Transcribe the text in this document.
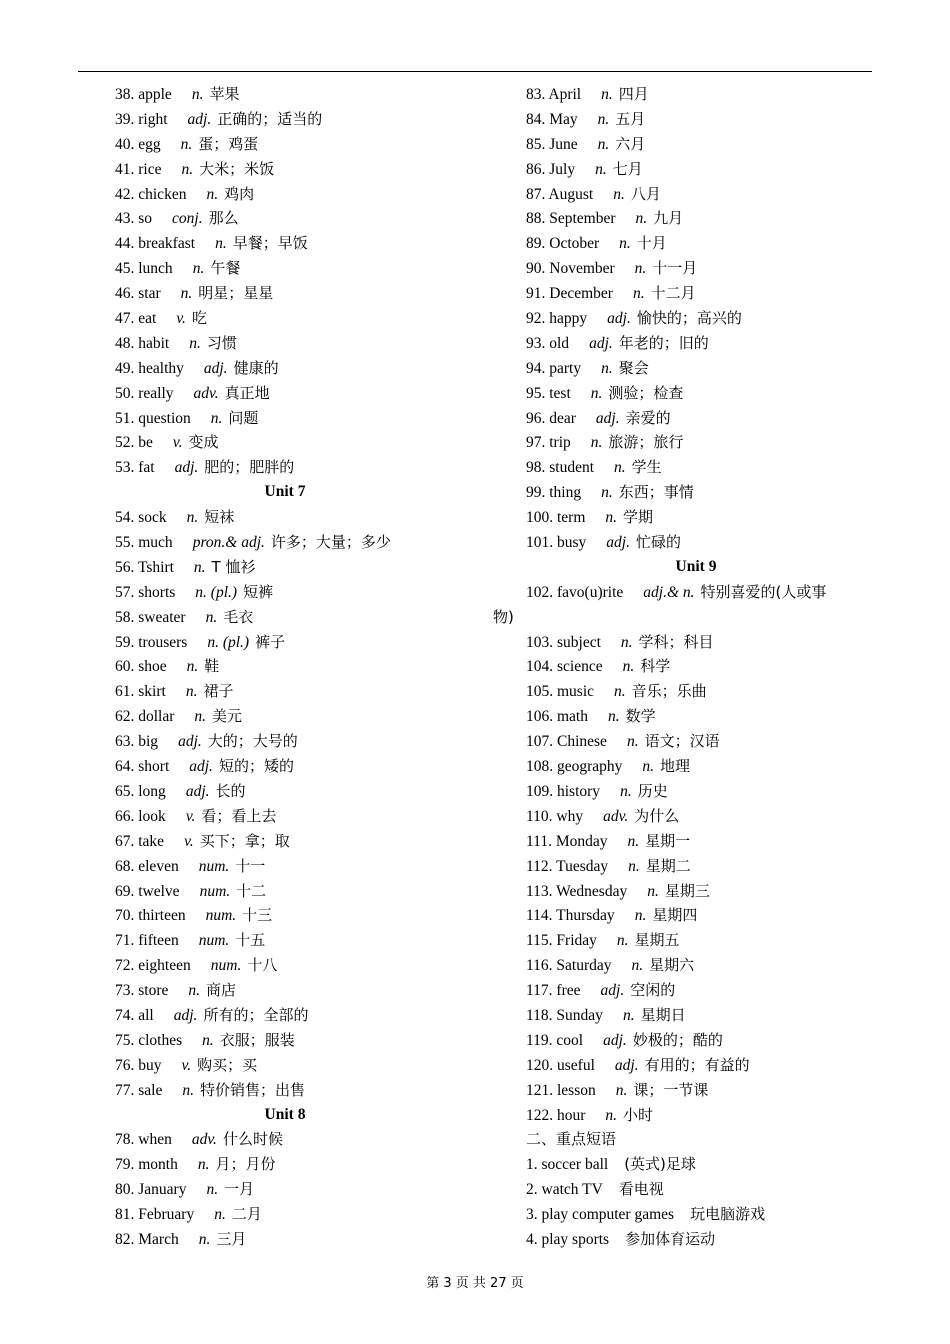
38. apple n. 苹果
39. right adj. 正确的；适当的
40. egg n. 蛋；鸡蛋
41. rice n. 大米；米饭
42. chicken n. 鸡肉
43. so conj. 那么
44. breakfast n. 早餐；早饭
45. lunch n. 午餐
46. star n. 明星；星星
47. eat v. 吃
48. habit n. 习惯
49. healthy adj. 健康的
50. really adv. 真正地
51. question n. 问题
52. be v. 变成
53. fat adj. 肥的；肥胖的
Unit 7
54. sock n. 短袜
55. much pron.& adj. 许多；大量；多少
56. Tshirt n. T 恤衫
57. shorts n. (pl.) 短裤
58. sweater n. 毛衣
59. trousers n. (pl.) 裤子
60. shoe n. 鞋
61. skirt n. 裙子
62. dollar n. 美元
63. big adj. 大的；大号的
64. short adj. 短的；矮的
65. long adj. 长的
66. look v. 看；看上去
67. take v. 买下；拿；取
68. eleven num. 十一
69. twelve num. 十二
70. thirteen num. 十三
71. fifteen num. 十五
72. eighteen num. 十八
73. store n. 商店
74. all adj. 所有的；全部的
75. clothes n. 衣服；服装
76. buy v. 购买；买
77. sale n. 特价销售；出售
Unit 8
78. when adv. 什么时候
79. month n. 月；月份
80. January n. 一月
81. February n. 二月
82. March n. 三月
83. April n. 四月
84. May n. 五月
85. June n. 六月
86. July n. 七月
87. August n. 八月
88. September n. 九月
89. October n. 十月
90. November n. 十一月
91. December n. 十二月
92. happy adj. 愉快的；高兴的
93. old adj. 年老的；旧的
94. party n. 聚会
95. test n. 测验；检查
96. dear adj. 亲爱的
97. trip n. 旅游；旅行
98. student n. 学生
99. thing n. 东西；事情
100. term n. 学期
101. busy adj. 忙碌的
Unit 9
102. favo(u)rite adj.& n. 特别喜爱的(人或事
物)
103. subject n. 学科；科目
104. science n. 科学
105. music n. 音乐；乐曲
106. math n. 数学
107. Chinese n. 语文；汉语
108. geography n. 地理
109. history n. 历史
110. why adv. 为什么
111. Monday n. 星期一
112. Tuesday n. 星期二
113. Wednesday n. 星期三
114. Thursday n. 星期四
115. Friday n. 星期五
116. Saturday n. 星期六
117. free adj. 空闲的
118. Sunday n. 星期日
119. cool adj. 妙极的；酷的
120. useful adj. 有用的；有益的
121. lesson n. 课；一节课
122. hour n. 小时
二、重点短语
1. soccer ball (英式)足球
2. watch TV 看电视
3. play computer games 玩电脑游戏
4. play sports 参加体育运动
第 3 页 共 27 页
